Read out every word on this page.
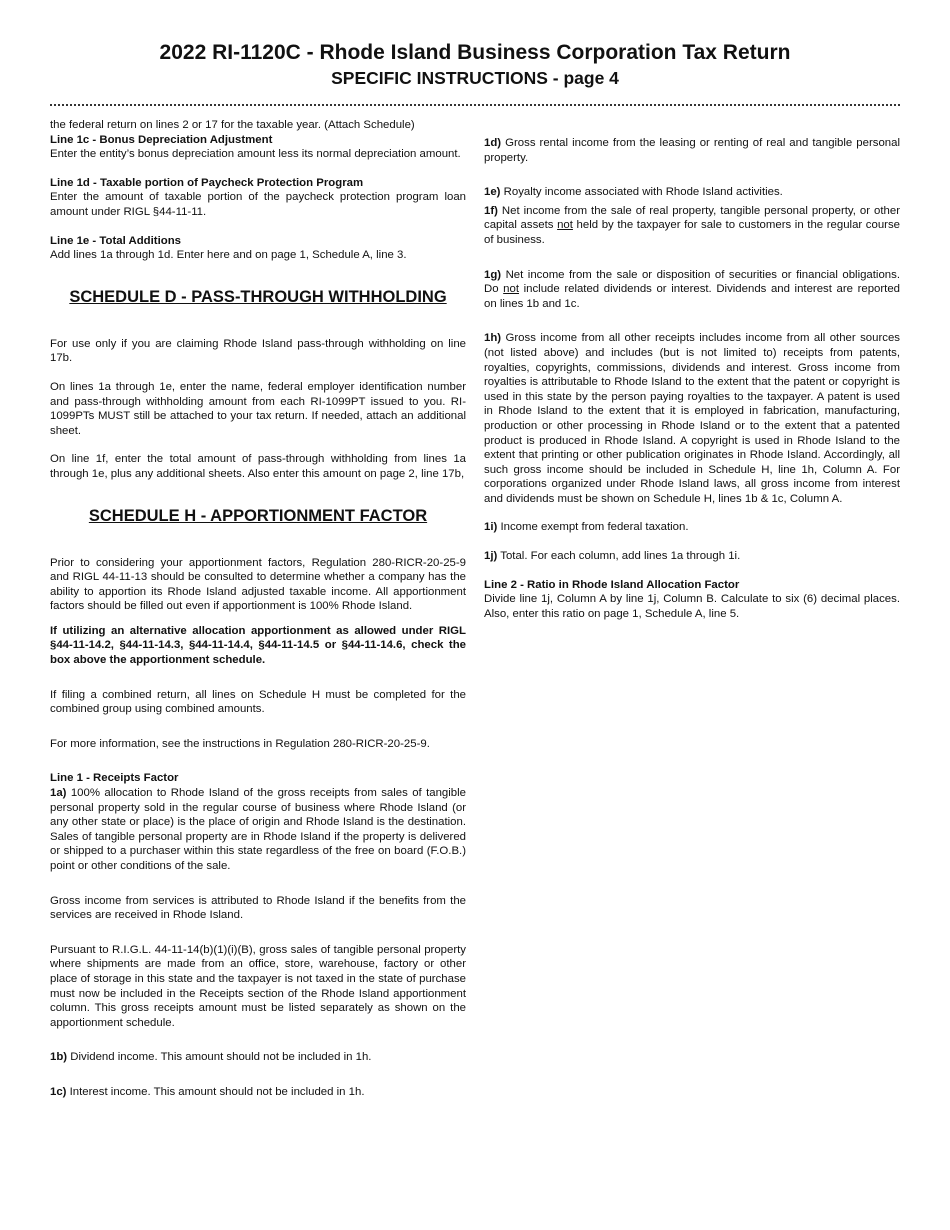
2022 RI-1120C - Rhode Island Business Corporation Tax Return
SPECIFIC INSTRUCTIONS - page 4

the federal return on lines 2 or 17 for the taxable year. (Attach Schedule)

Line 1c - Bonus Depreciation Adjustment

Enter the entity’s bonus depreciation amount less its normal depreciation amount.

Line 1d - Taxable portion of Paycheck Protection Program

Enter the amount of taxable portion of the paycheck protection program loan amount under RIGL §44-11-11.

Line 1e - Total Additions

Add lines 1a through 1d. Enter here and on page 1, Schedule A, line 3.

SCHEDULE D - PASS-THROUGH WITHHOLDING

For use only if you are claiming Rhode Island pass-through withholding on line 17b.

On lines 1a through 1e, enter the name, federal employer identification number and pass-through withholding amount from each RI-1099PT issued to you. RI-1099PTs MUST still be attached to your tax return. If needed, attach an additional sheet.

On line 1f, enter the total amount of pass-through withholding from lines 1a through 1e, plus any additional sheets. Also enter this amount on page 2, line 17b,

SCHEDULE H - APPORTIONMENT FACTOR

Prior to considering your apportionment factors, Regulation 280-RICR-20-25-9 and RIGL 44-11-13 should be consulted to determine whether a company has the ability to apportion its Rhode Island adjusted taxable income. All apportionment factors should be filled out even if apportionment is 100% Rhode Island.

If utilizing an alternative allocation apportionment as allowed under RIGL §44-11-14.2, §44-11-14.3, §44-11-14.4, §44-11-14.5 or §44-11-14.6, check the box above the apportionment schedule.

If filing a combined return, all lines on Schedule H must be completed for the combined group using combined amounts.

For more information, see the instructions in Regulation 280-RICR-20-25-9.

Line 1 - Receipts Factor

1a) 100% allocation to Rhode Island of the gross receipts from sales of tangible personal property sold in the regular course of business where Rhode Island (or any other state or place) is the place of origin and Rhode Island is the destination. Sales of tangible personal property are in Rhode Island if the property is delivered or shipped to a purchaser within this state regardless of the free on board (F.O.B.) point or other conditions of the sale.

Gross income from services is attributed to Rhode Island if the benefits from the services are received in Rhode Island.

Pursuant to R.I.G.L. 44-11-14(b)(1)(i)(B), gross sales of tangible personal property where shipments are made from an office, store, warehouse, factory or other place of storage in this state and the taxpayer is not taxed in the state of purchase must now be included in the Receipts section of the Rhode Island apportionment column. This gross receipts amount must be listed separately as shown on the apportionment schedule.

1b) Dividend income. This amount should not be included in 1h.

1c) Interest income. This amount should not be included in 1h.

1d) Gross rental income from the leasing or renting of real and tangible personal property.

1e) Royalty income associated with Rhode Island activities.

1f) Net income from the sale of real property, tangible personal property, or other capital assets not held by the taxpayer for sale to customers in the regular course of business.

1g) Net income from the sale or disposition of securities or financial obligations. Do not include related dividends or interest. Dividends and interest are reported on lines 1b and 1c.

1h) Gross income from all other receipts includes income from all other sources (not listed above) and includes (but is not limited to) receipts from patents, royalties, copyrights, commissions, dividends and interest. Gross income from royalties is attributable to Rhode Island to the extent that the patent or copyright is used in this state by the person paying royalties to the taxpayer. A patent is used in Rhode Island to the extent that it is employed in fabrication, manufacturing, production or other processing in Rhode Island or to the extent that a patented product is produced in Rhode Island. A copyright is used in Rhode Island to the extent that printing or other publication originates in Rhode Island. Accordingly, all such gross income should be included in Schedule H, line 1h, Column A. For corporations organized under Rhode Island laws, all gross income from interest and dividends must be shown on Schedule H, lines 1b & 1c, Column A.

1i) Income exempt from federal taxation.

1j) Total. For each column, add lines 1a through 1i.

Line 2 - Ratio in Rhode Island Allocation Factor

Divide line 1j, Column A by line 1j, Column B. Calculate to six (6) decimal places. Also, enter this ratio on page 1, Schedule A, line 5.
